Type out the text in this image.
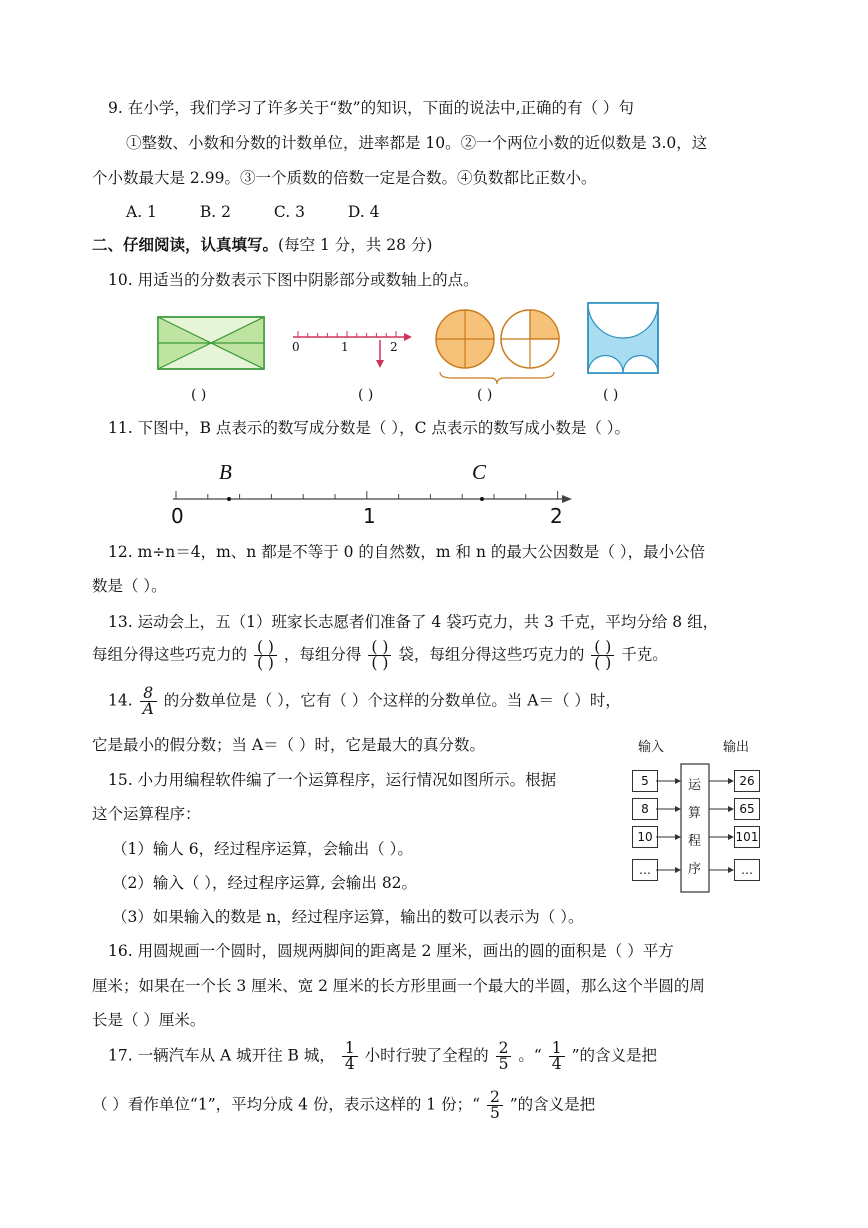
9. 在小学，我们学习了许多关于“数”的知识，下面的说法中,正确的有（ ）句
①整数、小数和分数的计数单位，进率都是 10。②一个两位小数的近似数是 3.0，这
个小数最大是 2.99。③一个质数的倍数一定是合数。④负数都比正数小。
A. 1	B. 2	C. 3	D. 4
二、仔细阅读，认真填写。(每空 1 分，共 28 分)
10. 用适当的分数表示下图中阴影部分或数轴上的点。
0	1	2
( )	( )	( )	( )
11. 下图中，B 点表示的数写成分数是（ ），C 点表示的数写成小数是（ ）。
B	C
0	1	2
12. m÷n＝4，m、n 都是不等于 0 的自然数，m 和 n 的最大公因数是（ ），最小公倍
数是（ ）。
13. 运动会上，五（1）班家长志愿者们准备了 4 袋巧克力，共 3 千克，平均分给 8 组，
每组分得这些巧克力的 $\frac{( )}{( )}$ ，每组分得 $\frac{( )}{( )}$ 袋，每组分得这些巧克力的 $\frac{( )}{( )}$ 千克。
14. $\frac{8}{A}$ 的分数单位是（ ），它有（ ）个这样的分数单位。当 A＝（ ）时，
它是最小的假分数；当 A＝（ ）时，它是最大的真分数。
15. 小力用编程软件编了一个运算程序，运行情况如图所示。根据
这个运算程序：
（1）输人 6，经过程序运算，会输出（ ）。
（2）输入（ ），经过程序运算, 会输出 82。
（3）如果输入的数是 n，经过程序运算，输出的数可以表示为（ ）。
输入	输出
5
8
10
…
26
65
101
…
运
算
程
序
16. 用圆规画一个圆时，圆规两脚间的距离是 2 厘米，画出的圆的面积是（ ）平方
厘米；如果在一个长 3 厘米、宽 2 厘米的长方形里画一个最大的半圆，那么这个半圆的周
长是（ ）厘米。
17. 一辆汽车从 A 城开往 B 城， $\frac{1}{4}$ 小时行驶了全程的 $\frac{2}{5}$ 。“ $\frac{1}{4}$ ”的含义是把
（ ）看作单位“1”，平均分成 4 份，表示这样的 1 份；“ $\frac{2}{5}$ ”的含义是把
